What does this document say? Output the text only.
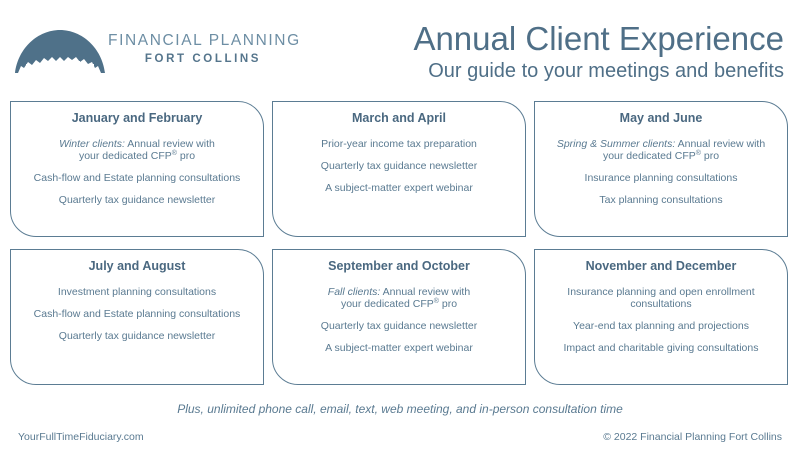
FINANCIAL PLANNING
FORT COLLINS
Annual Client Experience
Our guide to your meetings and benefits
January and February
Winter clients: Annual review with
your dedicated CFP® pro
Cash-flow and Estate planning consultations
Quarterly tax guidance newsletter
March and April
Prior-year income tax preparation
Quarterly tax guidance newsletter
A subject-matter expert webinar
May and June
Spring & Summer clients: Annual review with
your dedicated CFP® pro
Insurance planning consultations
Tax planning consultations
July and August
Investment planning consultations
Cash-flow and Estate planning consultations
Quarterly tax guidance newsletter
September and October
Fall clients: Annual review with
your dedicated CFP® pro
Quarterly tax guidance newsletter
A subject-matter expert webinar
November and December
Insurance planning and open enrollment
consultations
Year-end tax planning and projections
Impact and charitable giving consultations
Plus, unlimited phone call, email, text, web meeting, and in-person consultation time
YourFullTimeFiduciary.com	© 2022 Financial Planning Fort Collins
